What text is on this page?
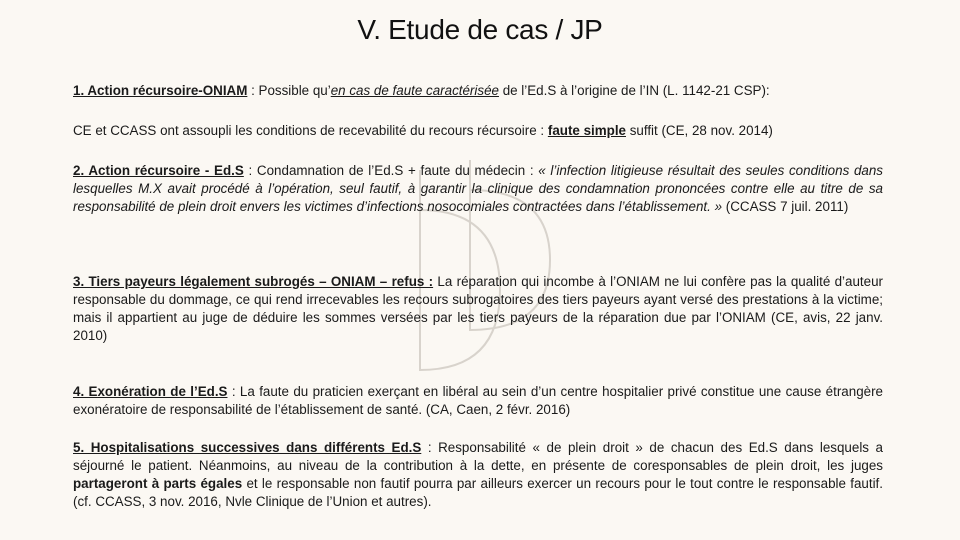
V. Etude de cas / JP

1. Action récursoire-ONIAM : Possible qu’en cas de faute caractérisée de l’Ed.S à l’origine de l’IN (L. 1142-21 CSP):

CE et CCASS ont assoupli les conditions de recevabilité du recours récursoire : faute simple suffit (CE, 28 nov. 2014)

2. Action récursoire - Ed.S : Condamnation de l’Ed.S + faute du médecin : « l’infection litigieuse résultait des seules conditions dans lesquelles M.X avait procédé à l’opération, seul fautif, à garantir la clinique des condamnation prononcées contre elle au titre de sa responsabilité de plein droit envers les victimes d’infections nosocomiales contractées dans l’établissement. » (CCASS 7 juil. 2011)

3. Tiers payeurs légalement subrogés – ONIAM – refus : La réparation qui incombe à l’ONIAM ne lui confère pas la qualité d’auteur responsable du dommage, ce qui rend irrecevables les recours subrogatoires des tiers payeurs ayant versé des prestations à la victime; mais il appartient au juge de déduire les sommes versées par les tiers payeurs de la réparation due par l’ONIAM (CE, avis, 22 janv. 2010)

4. Exonération de l’Ed.S : La faute du praticien exerçant en libéral au sein d’un centre hospitalier privé constitue une cause étrangère exonératoire de responsabilité de l’établissement de santé. (CA, Caen, 2 févr. 2016)

5. Hospitalisations successives dans différents Ed.S : Responsabilité « de plein droit » de chacun des Ed.S dans lesquels a séjourné le patient. Néanmoins, au niveau de la contribution à la dette, en présente de coresponsables de plein droit, les juges partageront à parts égales et le responsable non fautif pourra par ailleurs exercer un recours pour le tout contre le responsable fautif. (cf. CCASS, 3 nov. 2016, Nvle Clinique de l’Union et autres).
